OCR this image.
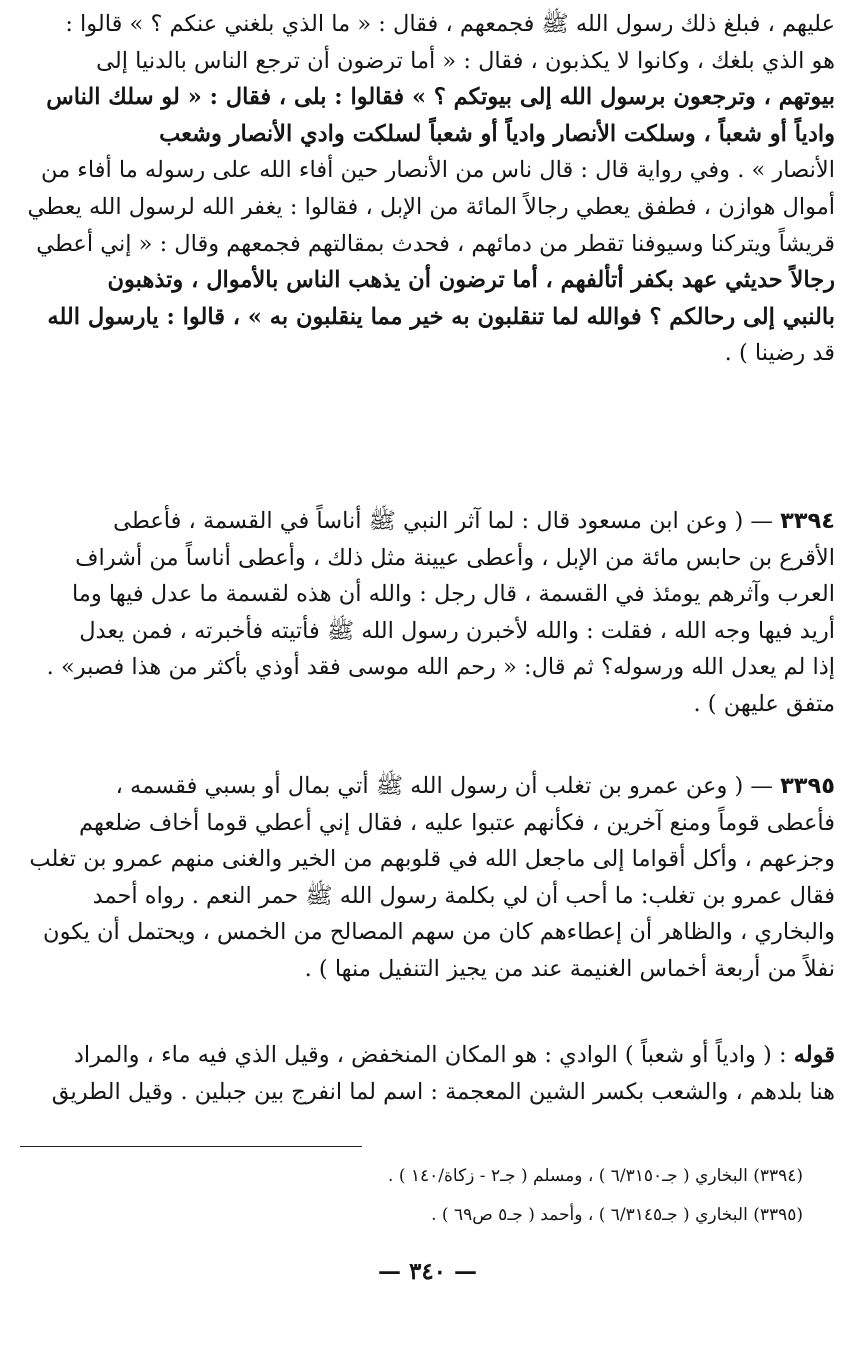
عليهم ، فبلغ ذلك رسول الله ﷺ فجمعهم ، فقال : « ما الذي بلغني عنكم ؟ » قالوا :
هو الذي بلغك ، وكانوا لا يكذبون ، فقال : « أما ترضون أن ترجع الناس بالدنيا إلى
بيوتهم ، وترجعون برسول الله إلى بيوتكم ؟ » فقالوا : بلى ، فقال : « لو سلك الناس
وادياً أو شعباً ، وسلكت الأنصار وادياً أو شعباً لسلكت وادي الأنصار وشعب
الأنصار » . وفي رواية قال : قال ناس من الأنصار حين أفاء الله على رسوله ما أفاء من
أموال هوازن ، فطفق يعطي رجالاً المائة من الإبل ، فقالوا : يغفر الله لرسول الله يعطي
قريشاً ويتركنا وسيوفنا تقطر من دمائهم ، فحدث بمقالتهم فجمعهم وقال : « إني أعطي
رجالاً حديثي عهد بكفر أتألفهم ، أما ترضون أن يذهب الناس بالأموال ، وتذهبون
بالنبي إلى رحالكم ؟ فوالله لما تنقلبون به خير مما ينقلبون به » ، قالوا : يارسول الله
قد رضينا ) .
٣٣٩٤ — ( وعن ابن مسعود قال : لما آثر النبي ﷺ أناساً في القسمة ، فأعطى
الأقرع بن حابس مائة من الإبل ، وأعطى عيينة مثل ذلك ، وأعطى أناساً من أشراف
العرب وآثرهم يومئذ في القسمة ، قال رجل : والله أن هذه لقسمة ما عدل فيها وما
أريد فيها وجه الله ، فقلت : والله لأخبرن رسول الله ﷺ فأتيته فأخبرته ، فمن يعدل
إذا لم يعدل الله ورسوله؟ ثم قال: « رحم الله موسى فقد أوذي بأكثر من هذا فصبر» .
متفق عليهن ) .
٣٣٩٥ — ( وعن عمرو بن تغلب أن رسول الله ﷺ أتي بمال أو بسبي فقسمه ،
فأعطى قوماً ومنع آخرين ، فكأنهم عتبوا عليه ، فقال إني أعطي قوما أخاف ضلعهم
وجزعهم ، وأكل أقواما إلى ماجعل الله في قلوبهم من الخير والغنى منهم عمرو بن تغلب
فقال عمرو بن تغلب: ما أحب أن لي بكلمة رسول الله ﷺ حمر النعم . رواه أحمد
والبخاري ، والظاهر أن إعطاءهم كان من سهم المصالح من الخمس ، ويحتمل أن يكون
نفلاً من أربعة أخماس الغنيمة عند من يجيز التنفيل منها ) .
قوله : ( وادياً أو شعباً ) الوادي : هو المكان المنخفض ، وقيل الذي فيه ماء ، والمراد
هنا بلدهم ، والشعب بكسر الشين المعجمة : اسم لما انفرج بين جبلين . وقيل الطريق
(٣٣٩٤) البخاري ( جـ٦/٣١٥٠ ) ، ومسلم ( جـ٢ - زكاة/١٤٠ ) .
(٣٣٩٥) البخاري ( جـ٦/٣١٤٥ ) ، وأحمد ( جـ٥ ص٦٩ ) .
— ٣٤٠ —
